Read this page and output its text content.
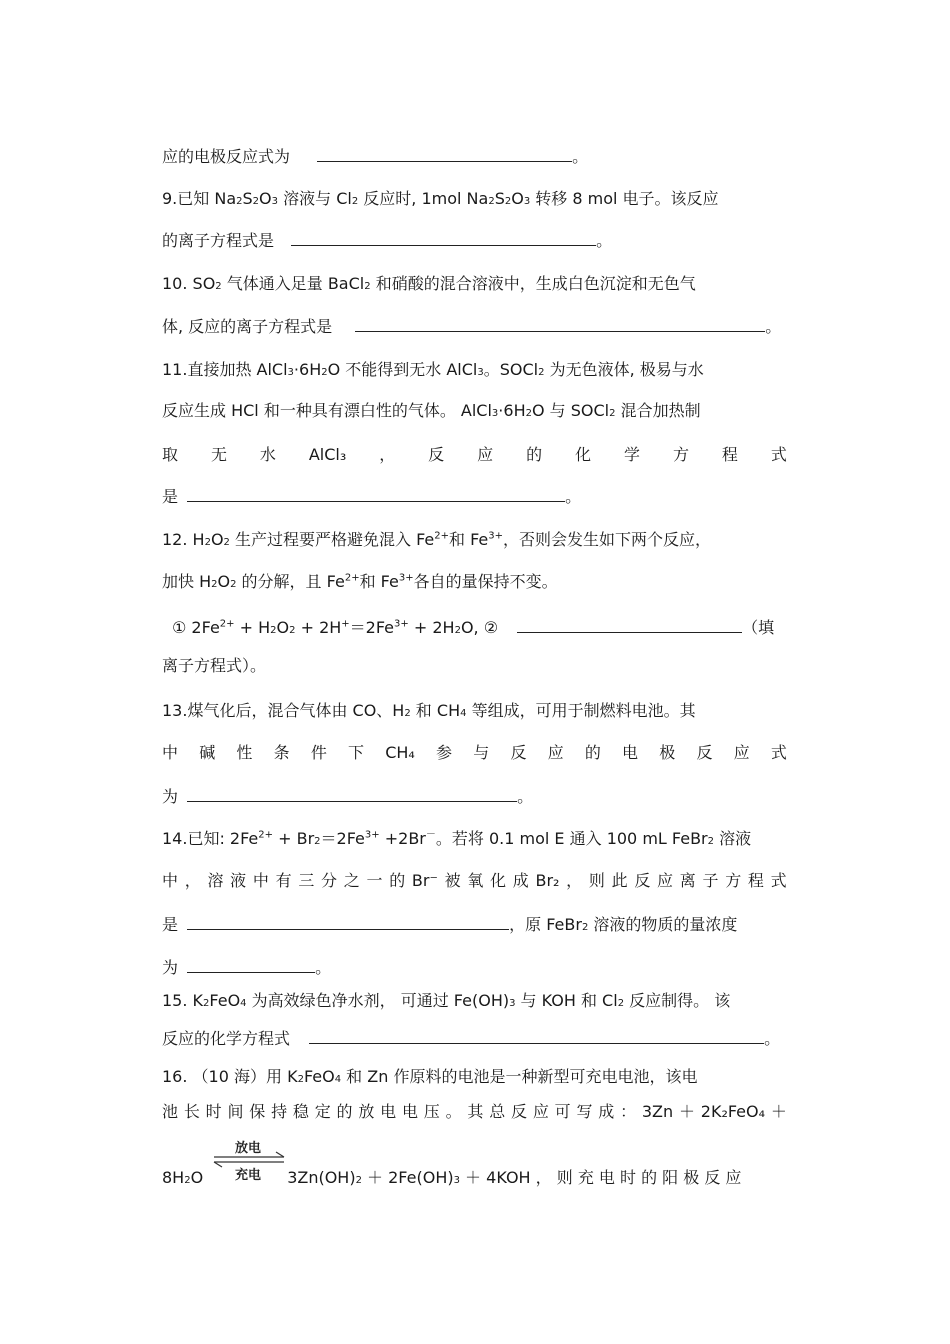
应的电极反应式为	。
9.已知 Na2S2O3 溶液与 Cl2 反应时, 1mol Na2S2O3 转移 8 mol 电子。该反应
的离子方程式是	。
10. SO2 气体通入足量 BaCl2 和硝酸的混合溶液中，生成白色沉淀和无色气
体, 反应的离子方程式是	。
11.直接加热 AlCl3·6H2O 不能得到无水 AlCl3。SOCl2 为无色液体, 极易与水
反应生成 HCl 和一种具有漂白性的气体。 AlCl3·6H2O 与 SOCl2 混合加热制
取 无 水 AlCl₃ ， 反 应 的 化 学 方 程 式
是	。
12. H2O2 生产过程要严格避免混入 $Fe^{2+}$和 $Fe^{3+}$，否则会发生如下两个反应，
加快 H2O2 的分解，且 $Fe^{2+}$和 $Fe^{3+}$各自的量保持不变。
① $2Fe^{2+} + H2O2 + 2H^+=2Fe^{3+} + 2H2O$, ②	（填
离子方程式）。
13.煤气化后，混合气体由 CO、H2 和 CH4 等组成，可用于制燃料电池。其
中 碱 性 条 件 下 CH₄ 参 与 反 应 的 电 极 反 应 式
为	。
14.已知: $2Fe^{2+} + Br2=2Fe^{3+} +2Br^-$。若将 0.1 mol E 通入 100 mL FeBr2 溶液
中 ， 溶 液 中 有 三 分 之 一 的 Br⁻ 被 氧 化 成 Br₂ ， 则 此 反 应 离 子 方 程 式
是	，原 FeBr2 溶液的物质的量浓度
为	。
15. K2FeO4 为高效绿色净水剂， 可通过 Fe(OH)3 与 KOH 和 Cl2 反应制得。 该
反应的化学方程式	。
16. （10 海）用 K2FeO4 和 Zn 作原料的电池是一种新型可充电电池，该电
池 长 时 间 保 持 稳 定 的 放 电 电 压 。 其 总 反 应 可 写 成 ： 3Zn ＋ 2K₂FeO₄ ＋
放电
充电
8H2O	3Zn(OH)2 ＋ 2Fe(OH)3 ＋ 4KOH ， 则 充 电 时 的 阳 极 反 应
